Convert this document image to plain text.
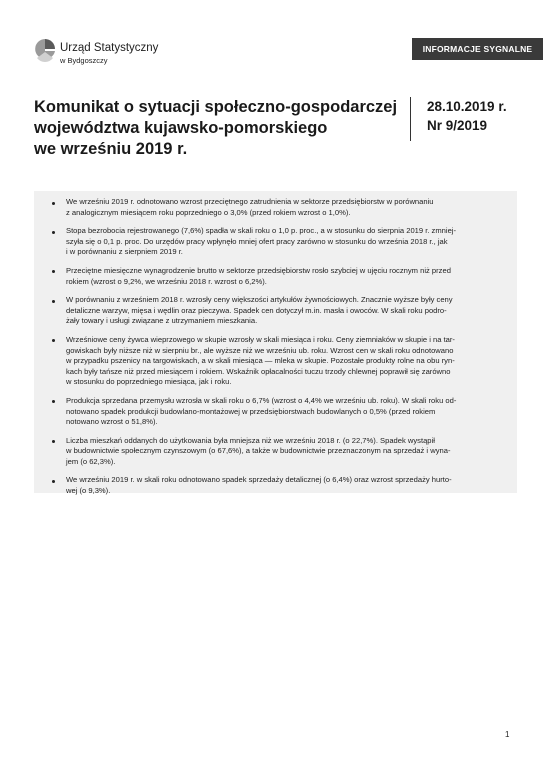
Urząd Statystyczny
w Bydgoszczy
INFORMACJE SYGNALNE
Komunikat o sytuacji społeczno-gospodarczej
województwa kujawsko-pomorskiego
we wrześniu 2019 r.
28.10.2019 r.
Nr 9/2019
We wrześniu 2019 r. odnotowano wzrost przeciętnego zatrudnienia w sektorze przedsiębiorstw w porównaniu
z analogicznym miesiącem roku poprzedniego o 3,0% (przed rokiem wzrost o 1,0%).
Stopa bezrobocia rejestrowanego (7,6%) spadła w skali roku o 1,0 p. proc., a w stosunku do sierpnia 2019 r. zmniej-
szyła się o 0,1 p. proc. Do urzędów pracy wpłynęło mniej ofert pracy zarówno w stosunku do września 2018 r., jak
i w porównaniu z sierpniem 2019 r.
Przeciętne miesięczne wynagrodzenie brutto w sektorze przedsiębiorstw rosło szybciej w ujęciu rocznym niż przed
rokiem (wzrost o 9,2%, we wrześniu 2018 r. wzrost o 6,2%).
W porównaniu z wrześniem 2018 r. wzrosły ceny większości artykułów żywnościowych. Znacznie wyższe były ceny
detaliczne warzyw, mięsa i wędlin oraz pieczywa. Spadek cen dotyczył m.in. masła i owoców. W skali roku podro-
żały towary i usługi związane z utrzymaniem mieszkania.
Wrześniowe ceny żywca wieprzowego w skupie wzrosły w skali miesiąca i roku. Ceny ziemniaków w skupie i na tar-
gowiskach były niższe niż w sierpniu br., ale wyższe niż we wrześniu ub. roku. Wzrost cen w skali roku odnotowano
w przypadku pszenicy na targowiskach, a w skali miesiąca — mleka w skupie. Pozostałe produkty rolne na obu ryn-
kach były tańsze niż przed miesiącem i rokiem. Wskaźnik opłacalności tuczu trzody chlewnej poprawił się zarówno
w stosunku do poprzedniego miesiąca, jak i roku.
Produkcja sprzedana przemysłu wzrosła w skali roku o 6,7% (wzrost o 4,4% we wrześniu ub. roku). W skali roku od-
notowano spadek produkcji budowlano-montażowej w przedsiębiorstwach budowlanych o 0,5% (przed rokiem
notowano wzrost o 51,8%).
Liczba mieszkań oddanych do użytkowania była mniejsza niż we wrześniu 2018 r. (o 22,7%). Spadek wystąpił
w budownictwie społecznym czynszowym (o 67,6%), a także w budownictwie przeznaczonym na sprzedaż i wyna-
jem (o 62,3%).
We wrześniu 2019 r. w skali roku odnotowano spadek sprzedaży detalicznej (o 6,4%) oraz wzrost sprzedaży hurto-
wej (o 9,3%).
1
